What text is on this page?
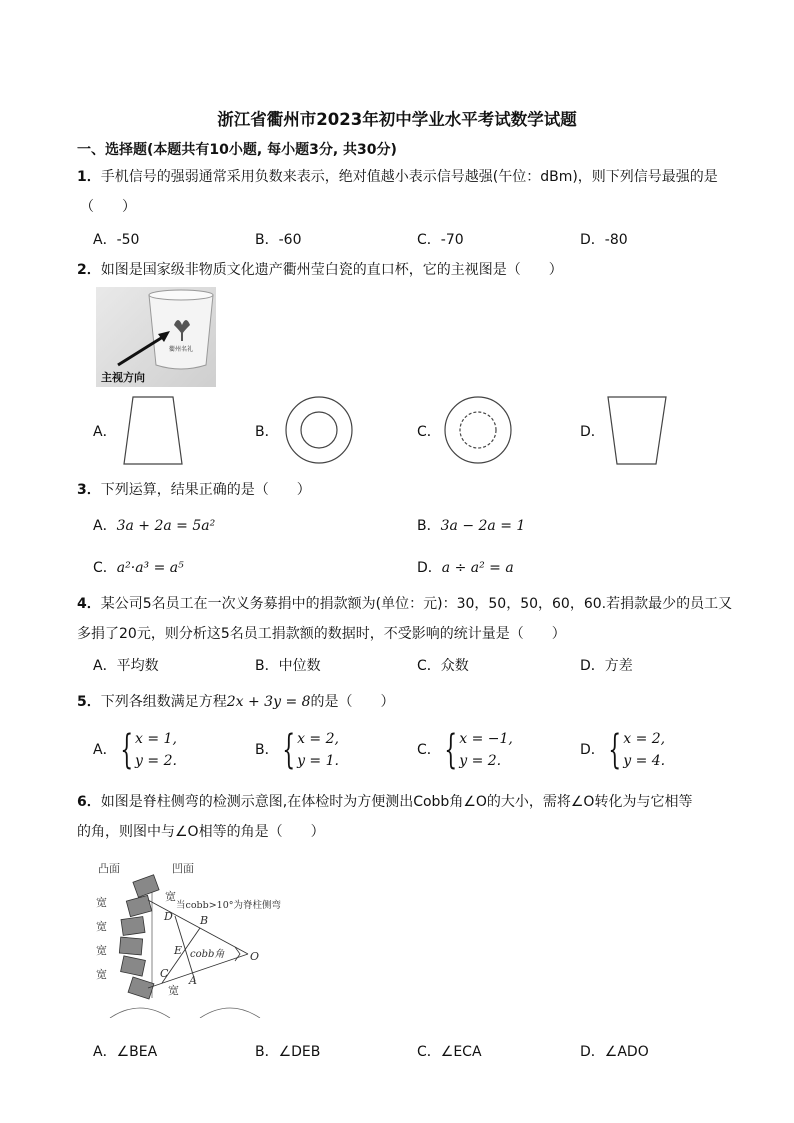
浙江省衢州市2023年初中学业水平考试数学试题
一、选择题(本题共有10小题, 每小题3分, 共30分)
1．手机信号的强弱通常采用负数来表示，绝对值越小表示信号越强(午位：dBm)，则下列信号最强的是
（　　）
A．-50	B．-60	C．-70	D．-80
2．如图是国家级非物质文化遗产衢州莹白瓷的直口杯，它的主视图是（　　）
衢州名礼
主视方向
A．	B．	C．	D．
3．下列运算，结果正确的是（　　）
A．3a + 2a = 5a²	B．3a − 2a = 1
C．a²·a³ = a⁵	D．a ÷ a² = a
4．某公司5名员工在一次义务募捐中的捐款额为(单位：元)：30，50，50，60，60.若捐款最少的员工又
多捐了20元，则分析这5名员工捐款额的数据时，不受影响的统计量是（　　）
A．平均数	B．中位数	C．众数	D．方差
5．下列各组数满足方程2x + 3y = 8的是（　　）
A． { x = 1,
y = 2.
B． { x = 2,
y = 1.
C． { x = −1,
y = 2.
D． { x = 2,
y = 4.
6．如图是脊柱侧弯的检测示意图,在体检时为方便测出Cobb角∠O的大小，需将∠O转化为与它相等
的角，则图中与∠O相等的角是（　　）
凸面	凹面
宽
宽
宽
宽
宽
宽
当cobb>10°为脊柱侧弯
cobb角
D B
E	O
C
A
A．∠BEA	B．∠DEB	C．∠ECA	D．∠ADO
